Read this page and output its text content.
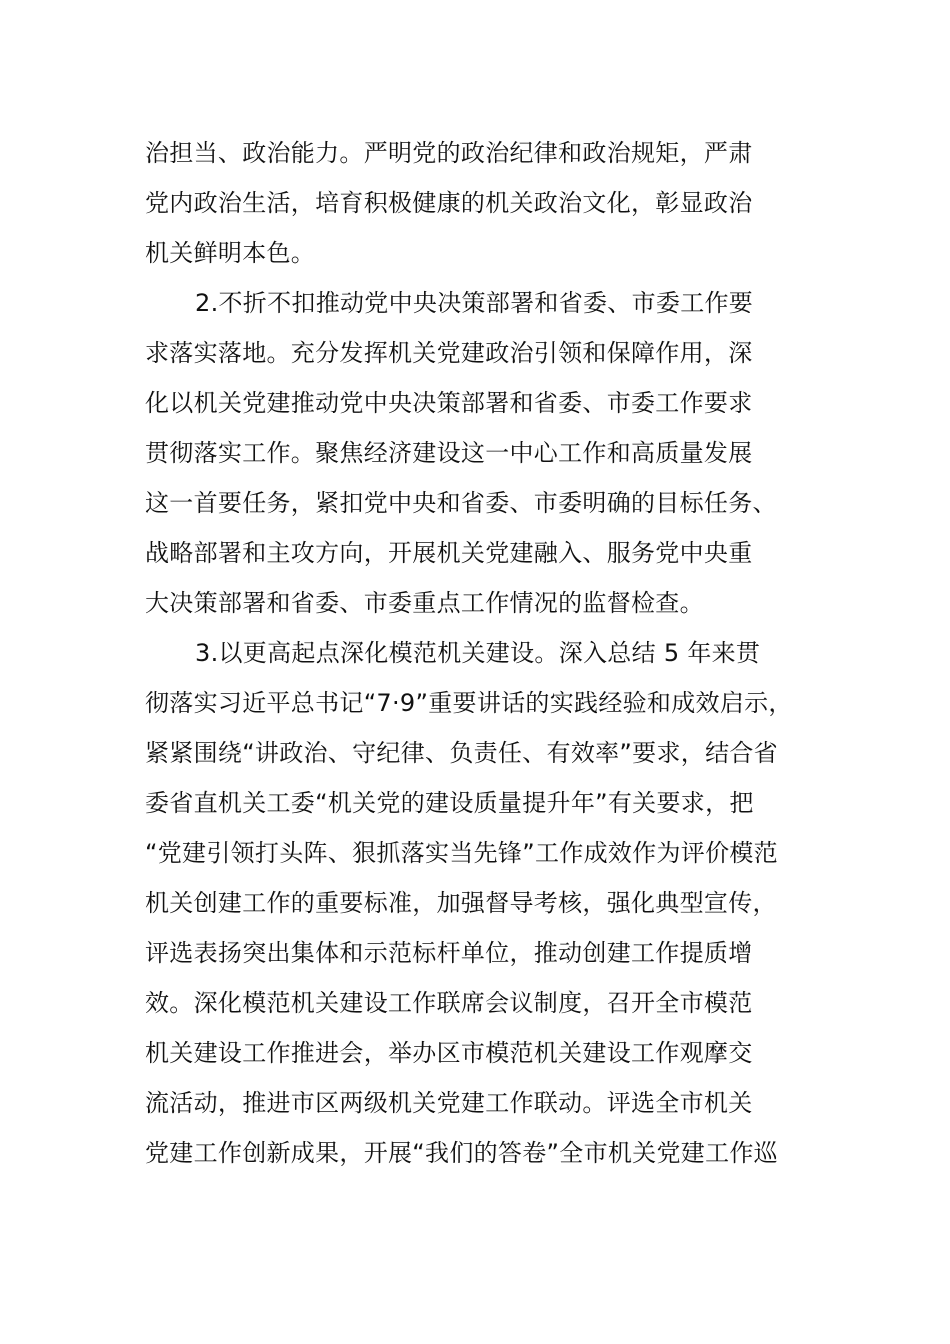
治担当、政治能力。严明党的政治纪律和政治规矩，严肃
党内政治生活，培育积极健康的机关政治文化，彰显政治
机关鲜明本色。
2.不折不扣推动党中央决策部署和省委、市委工作要
求落实落地。充分发挥机关党建政治引领和保障作用，深
化以机关党建推动党中央决策部署和省委、市委工作要求
贯彻落实工作。聚焦经济建设这一中心工作和高质量发展
这一首要任务，紧扣党中央和省委、市委明确的目标任务、
战略部署和主攻方向，开展机关党建融入、服务党中央重
大决策部署和省委、市委重点工作情况的监督检查。
3.以更高起点深化模范机关建设。深入总结 5 年来贯
彻落实习近平总书记“7·9”重要讲话的实践经验和成效启示，
紧紧围绕“讲政治、守纪律、负责任、有效率”要求，结合省
委省直机关工委“机关党的建设质量提升年”有关要求，把
“党建引领打头阵、狠抓落实当先锋”工作成效作为评价模范
机关创建工作的重要标准，加强督导考核，强化典型宣传，
评选表扬突出集体和示范标杆单位，推动创建工作提质增
效。深化模范机关建设工作联席会议制度，召开全市模范
机关建设工作推进会，举办区市模范机关建设工作观摩交
流活动，推进市区两级机关党建工作联动。评选全市机关
党建工作创新成果，开展“我们的答卷”全市机关党建工作巡
